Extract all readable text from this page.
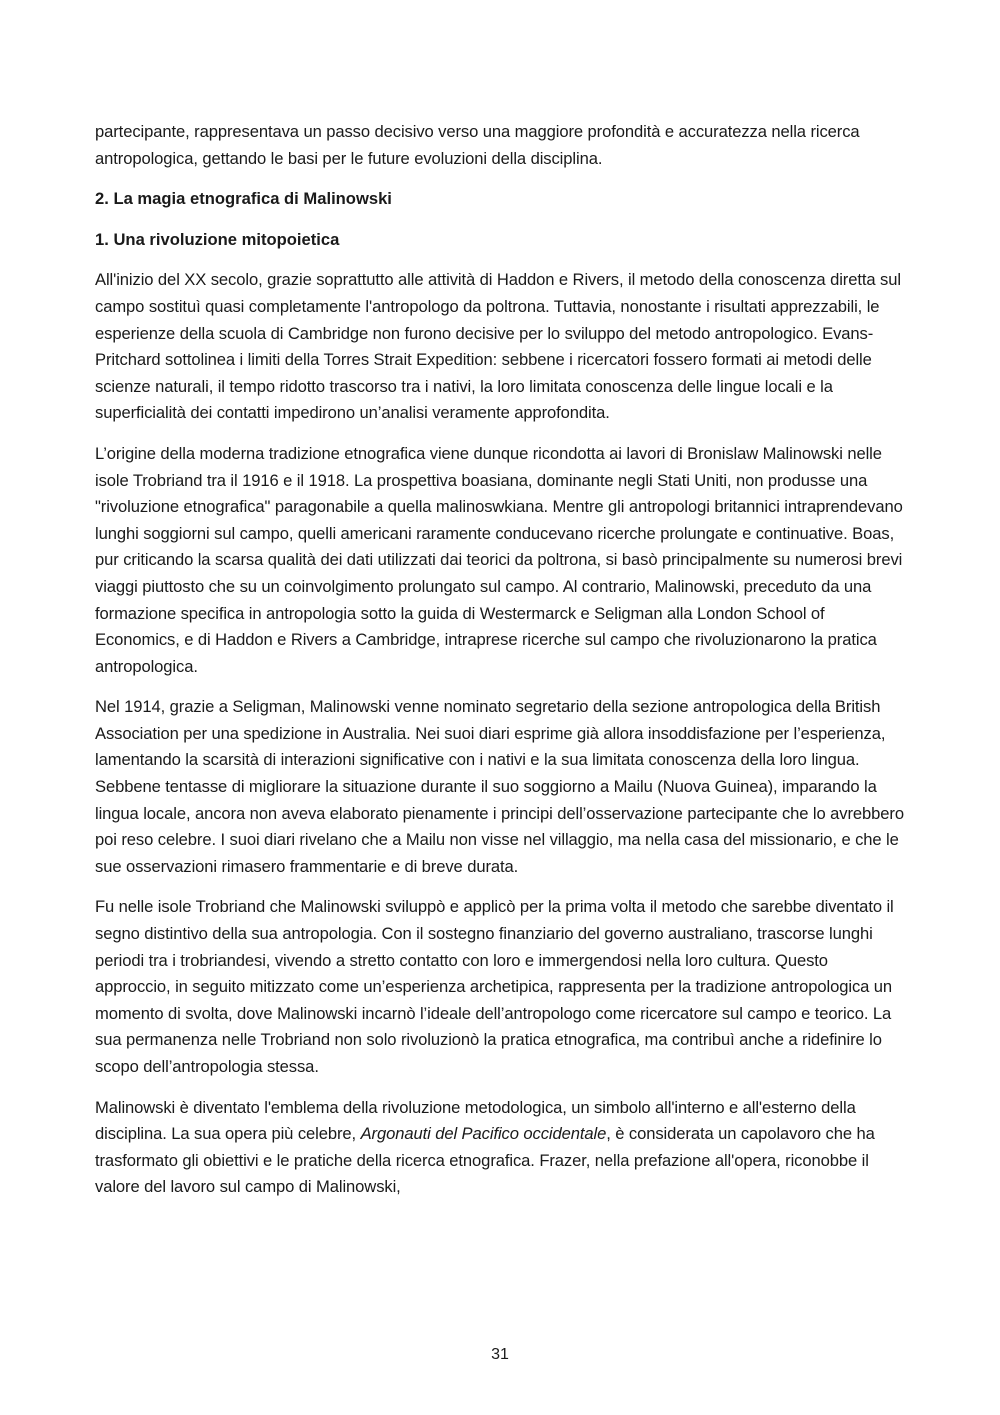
partecipante, rappresentava un passo decisivo verso una maggiore profondità e accuratezza nella ricerca antropologica, gettando le basi per le future evoluzioni della disciplina.

2. La magia etnografica di Malinowski

1. Una rivoluzione mitopoietica

All'inizio del XX secolo, grazie soprattutto alle attività di Haddon e Rivers, il metodo della conoscenza diretta sul campo sostituì quasi completamente l'antropologo da poltrona. Tuttavia, nonostante i risultati apprezzabili, le esperienze della scuola di Cambridge non furono decisive per lo sviluppo del metodo antropologico. Evans-Pritchard sottolinea i limiti della Torres Strait Expedition: sebbene i ricercatori fossero formati ai metodi delle scienze naturali, il tempo ridotto trascorso tra i nativi, la loro limitata conoscenza delle lingue locali e la superficialità dei contatti impedirono un’analisi veramente approfondita.

L’origine della moderna tradizione etnografica viene dunque ricondotta ai lavori di Bronislaw Malinowski nelle isole Trobriand tra il 1916 e il 1918. La prospettiva boasiana, dominante negli Stati Uniti, non produsse una "rivoluzione etnografica" paragonabile a quella malinoswkiana. Mentre gli antropologi britannici intraprendevano lunghi soggiorni sul campo, quelli americani raramente conducevano ricerche prolungate e continuative. Boas, pur criticando la scarsa qualità dei dati utilizzati dai teorici da poltrona, si basò principalmente su numerosi brevi viaggi piuttosto che su un coinvolgimento prolungato sul campo. Al contrario, Malinowski, preceduto da una formazione specifica in antropologia sotto la guida di Westermarck e Seligman alla London School of Economics, e di Haddon e Rivers a Cambridge, intraprese ricerche sul campo che rivoluzionarono la pratica antropologica.

Nel 1914, grazie a Seligman, Malinowski venne nominato segretario della sezione antropologica della British Association per una spedizione in Australia. Nei suoi diari esprime già allora insoddisfazione per l’esperienza, lamentando la scarsità di interazioni significative con i nativi e la sua limitata conoscenza della loro lingua. Sebbene tentasse di migliorare la situazione durante il suo soggiorno a Mailu (Nuova Guinea), imparando la lingua locale, ancora non aveva elaborato pienamente i principi dell’osservazione partecipante che lo avrebbero poi reso celebre. I suoi diari rivelano che a Mailu non visse nel villaggio, ma nella casa del missionario, e che le sue osservazioni rimasero frammentarie e di breve durata.

Fu nelle isole Trobriand che Malinowski sviluppò e applicò per la prima volta il metodo che sarebbe diventato il segno distintivo della sua antropologia. Con il sostegno finanziario del governo australiano, trascorse lunghi periodi tra i trobriandesi, vivendo a stretto contatto con loro e immergendosi nella loro cultura. Questo approccio, in seguito mitizzato come un’esperienza archetipica, rappresenta per la tradizione antropologica un momento di svolta, dove Malinowski incarnò l’ideale dell’antropologo come ricercatore sul campo e teorico. La sua permanenza nelle Trobriand non solo rivoluzionò la pratica etnografica, ma contribuì anche a ridefinire lo scopo dell’antropologia stessa.

Malinowski è diventato l'emblema della rivoluzione metodologica, un simbolo all'interno e all'esterno della disciplina. La sua opera più celebre, Argonauti del Pacifico occidentale, è considerata un capolavoro che ha trasformato gli obiettivi e le pratiche della ricerca etnografica. Frazer, nella prefazione all'opera, riconobbe il valore del lavoro sul campo di Malinowski,

31
